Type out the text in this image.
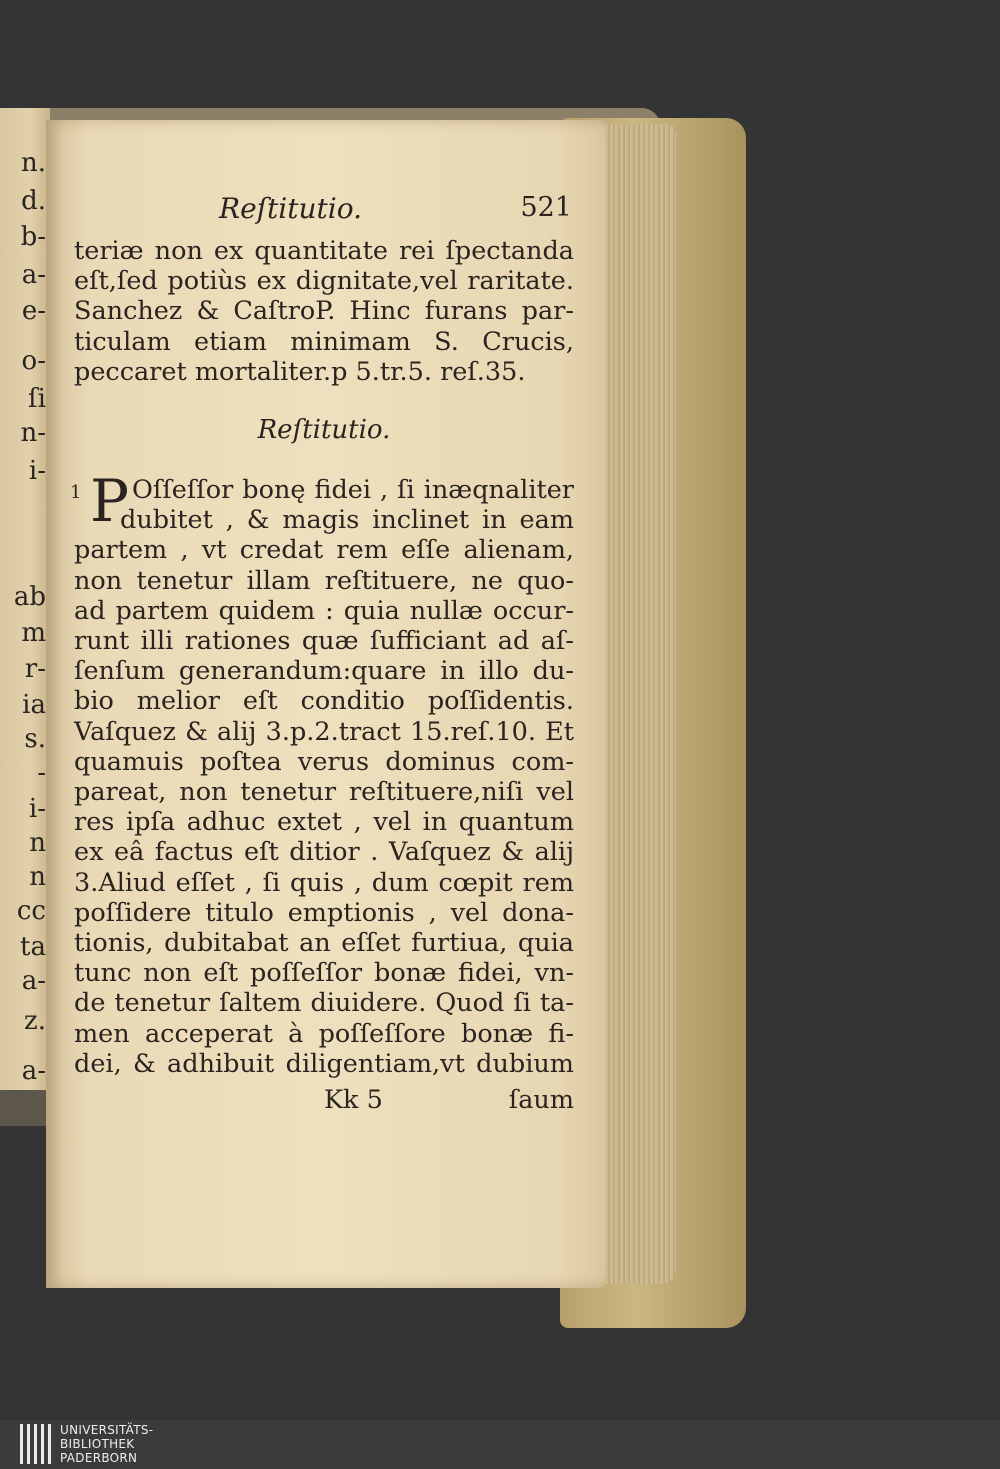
n.
d.
b-
a-
e-
o-
ſi
n-
i-
ab
m
r-
ia
s.
-
i-
n
n
cc
ta
a-
z.
a-
Reſtitutio.	521
teriæ non ex quantitate rei ſpectanda
eſt,ſed potiùs ex dignitate,vel raritate.
Sanchez & CaſtroP. Hinc furans par-
ticulam etiam minimam S. Crucis,
peccaret mortaliter.p 5.tr.5. reſ.35.
Reſtitutio.
1 P Oſſeſſor bonę fidei , ſi inæqnaliter
dubitet , & magis inclinet in eam
partem , vt credat rem eſſe alienam,
non tenetur illam reſtituere, ne quo-
ad partem quidem : quia nullæ occur-
runt illi rationes quæ ſufficiant ad aſ-
ſenſum generandum:quare in illo du-
bio melior eſt conditio poſſidentis.
Vaſquez & alij 3.p.2.tract 15.reſ.10. Et
quamuis poſtea verus dominus com-
pareat, non tenetur reſtituere,niſi vel
res ipſa adhuc extet , vel in quantum
ex eâ factus eſt ditior . Vaſquez & alij
3.Aliud eſſet , ſi quis , dum cœpit rem
poſſidere titulo emptionis , vel dona-
tionis, dubitabat an eſſet furtiua, quia
tunc non eſt poſſeſſor bonæ fidei, vn-
de tenetur ſaltem diuidere. Quod ſi ta-
men acceperat à poſſeſſore bonæ fi-
dei, & adhibuit diligentiam,vt dubium
Kk 5	ſaum
UNIVERSITÄTS-
BIBLIOTHEK
PADERBORN
